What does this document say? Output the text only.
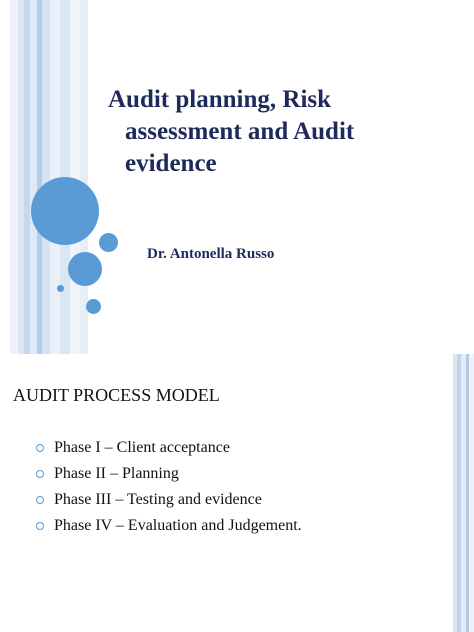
Audit planning, Risk
assessment and Audit
evidence
Dr. Antonella Russo
AUDIT PROCESS MODEL
Phase I – Client acceptance
Phase II – Planning
Phase III – Testing and evidence
Phase IV – Evaluation and Judgement.
